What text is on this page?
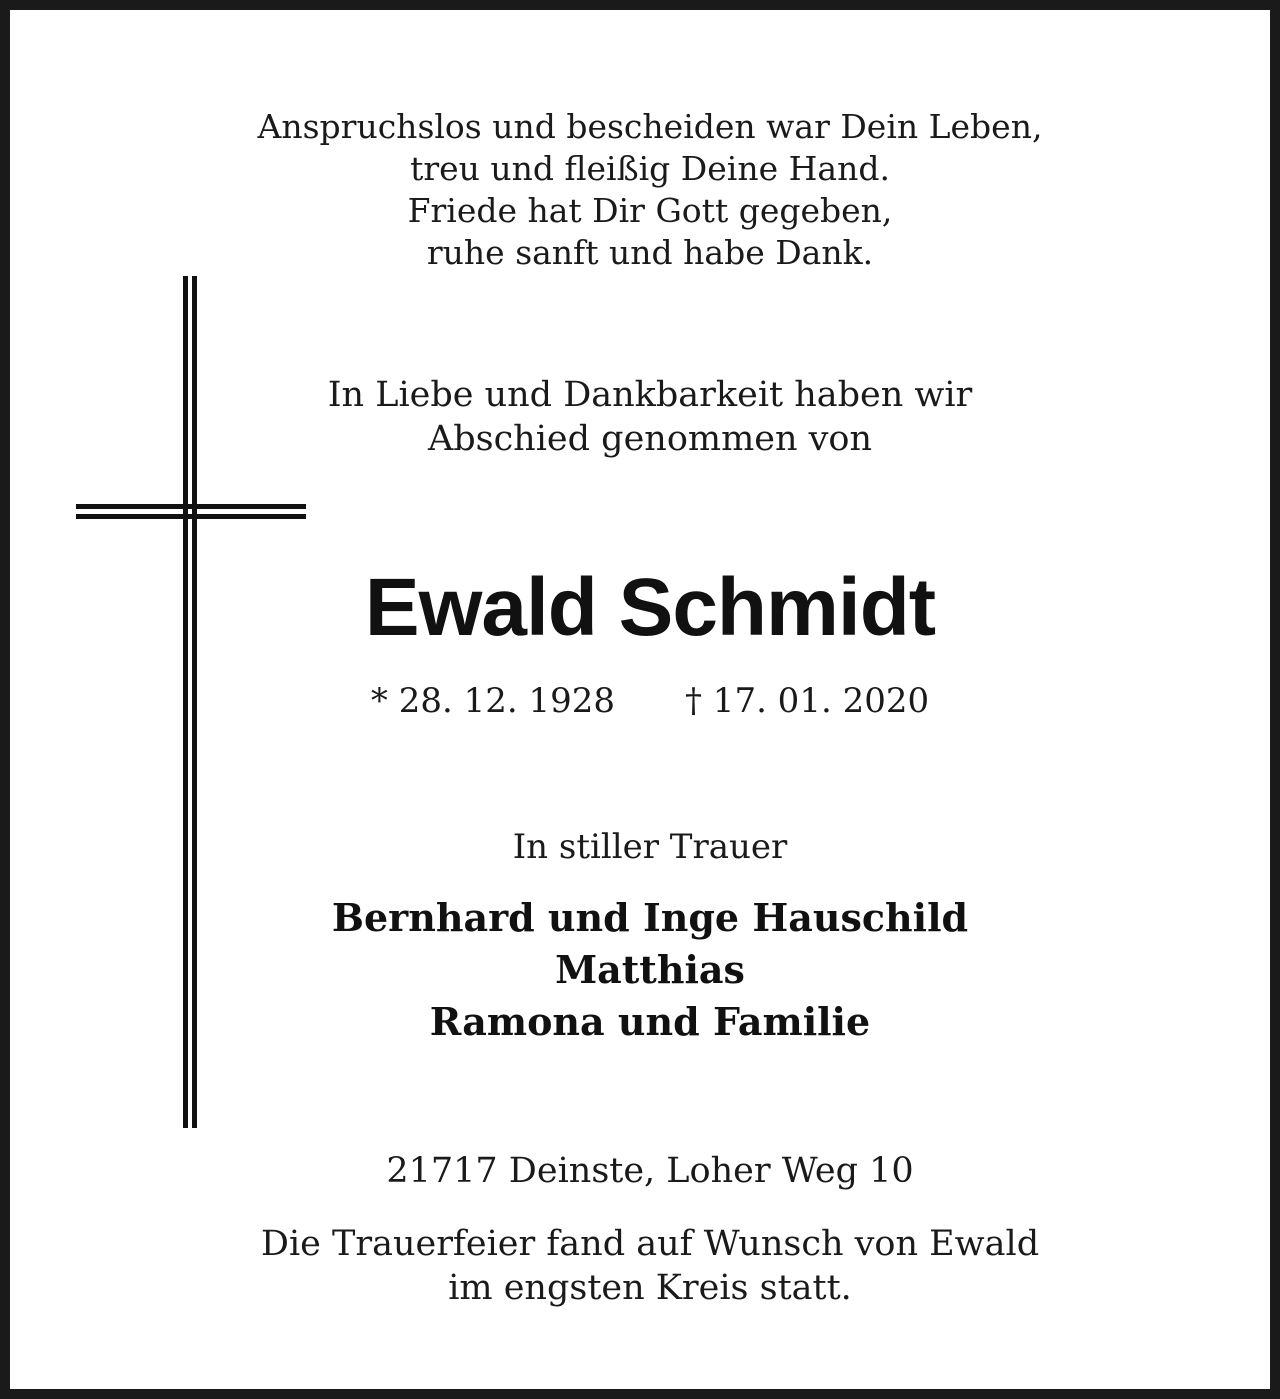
Anspruchslos und bescheiden war Dein Leben,
treu und fleißig Deine Hand.
Friede hat Dir Gott gegeben,
ruhe sanft und habe Dank.
In Liebe und Dankbarkeit haben wir
Abschied genommen von
Ewald Schmidt
* 28. 12. 1928 † 17. 01. 2020
In stiller Trauer
Bernhard und Inge Hauschild
Matthias
Ramona und Familie
21717 Deinste, Loher Weg 10
Die Trauerfeier fand auf Wunsch von Ewald
im engsten Kreis statt.
